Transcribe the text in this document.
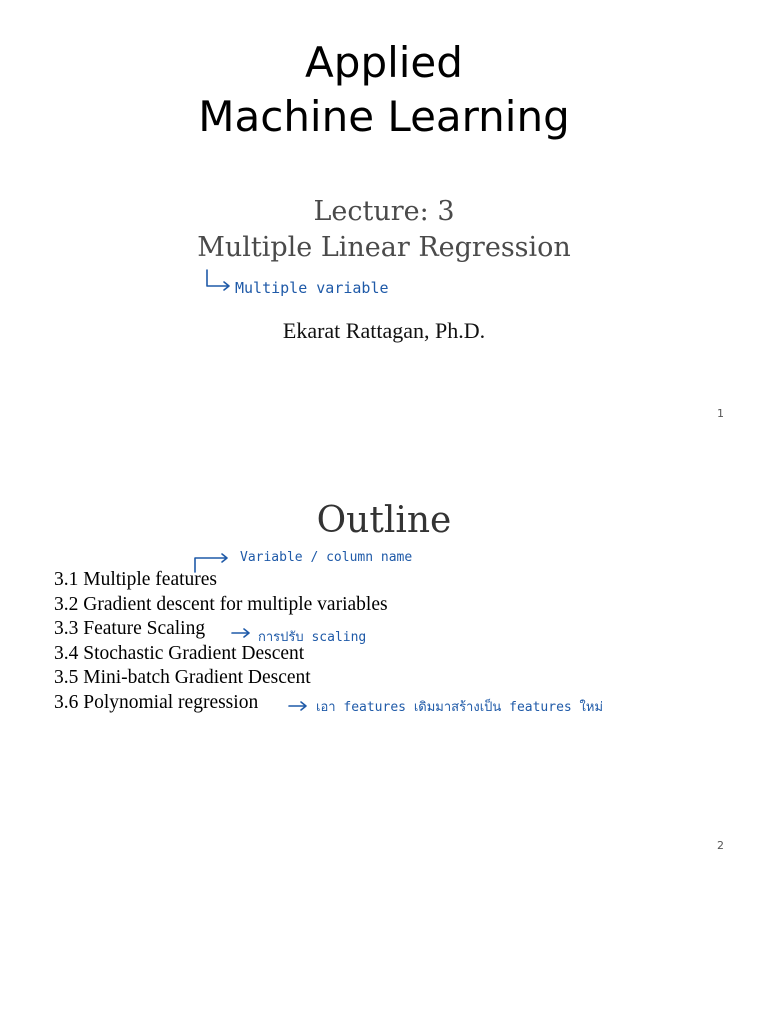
Applied
Machine Learning
Lecture: 3
Multiple Linear Regression
Multiple variable
Ekarat Rattagan, Ph.D.
1
Outline
Variable / column name
3.1 Multiple features
3.2 Gradient descent for multiple variables
3.3 Feature Scaling
3.4 Stochastic Gradient Descent
3.5 Mini-batch Gradient Descent
3.6 Polynomial regression
การปรับ scaling
เอา features เดิมมาสร้างเป็น features ใหม่
2
